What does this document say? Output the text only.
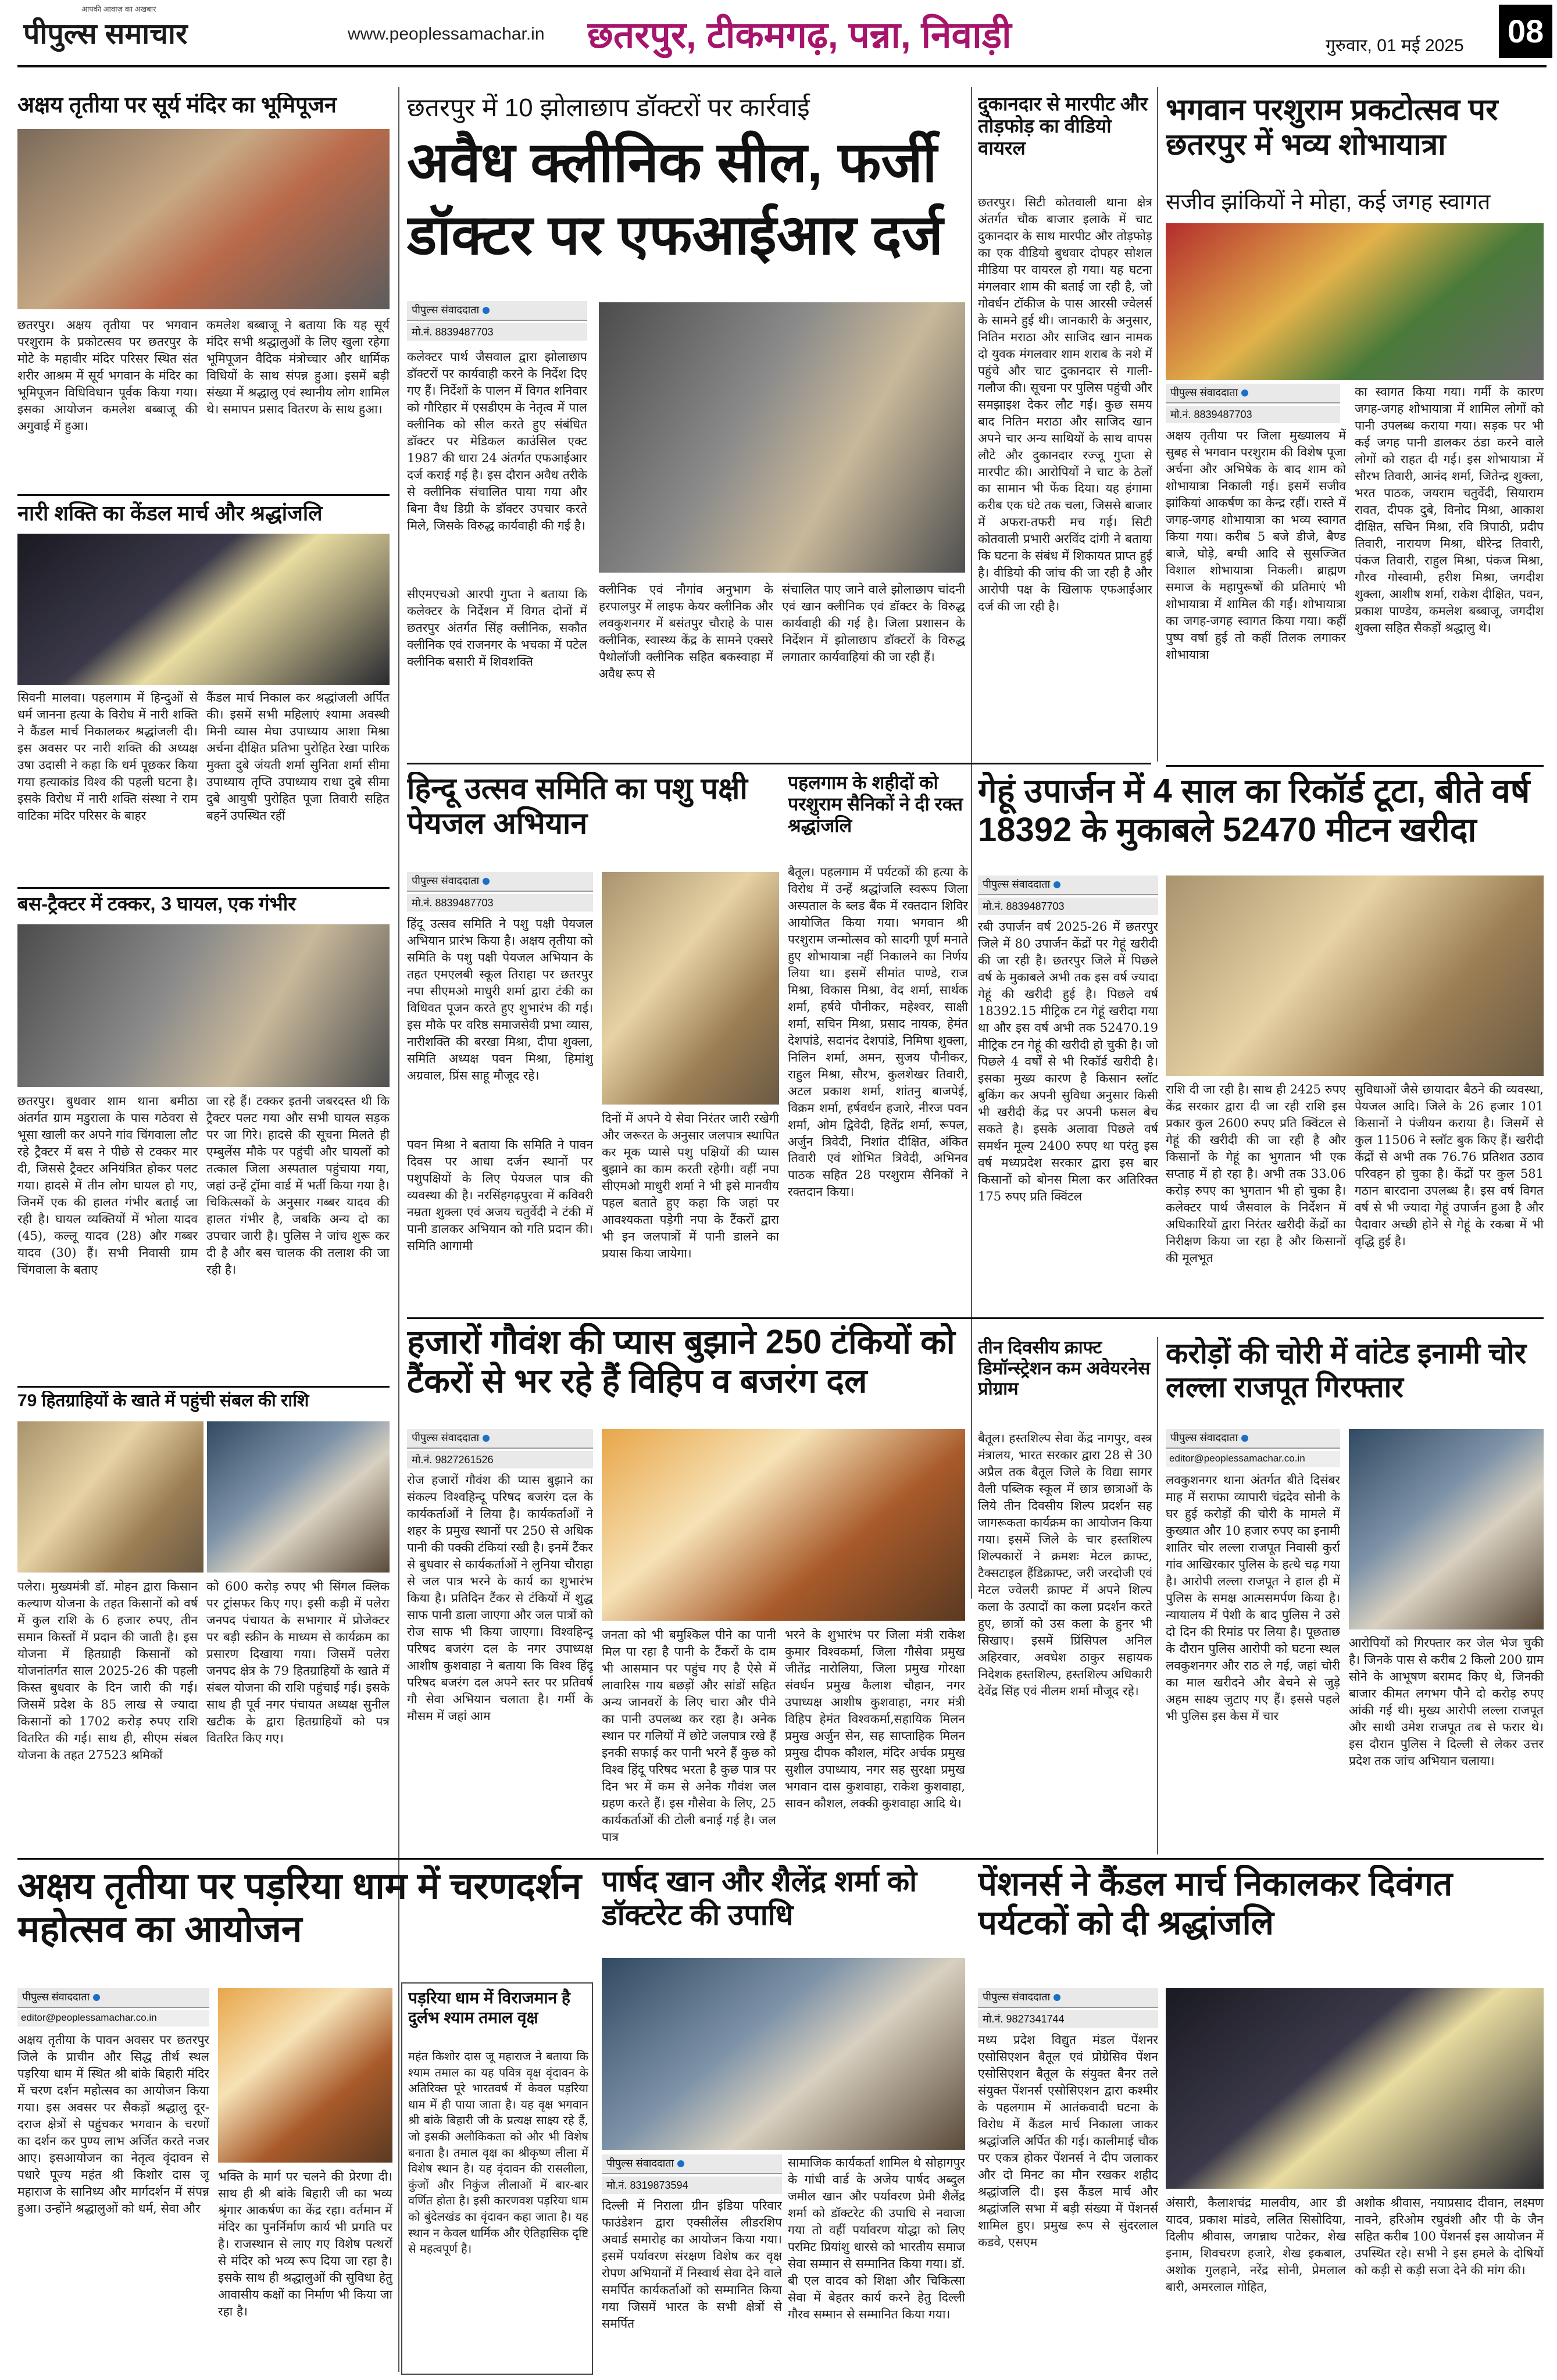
आपकी आवाज़ का अखबार
पीपुल्स समाचार	www.peoplessamachar.in	छतरपुर, टीकमगढ़, पन्ना, निवाड़ी	गुरुवार, 01 मई 2025	08
अक्षय तृतीया पर सूर्य मंदिर का भूमिपूजन
छतरपुर। अक्षय तृतीया पर भगवान परशुराम के प्रकोटत्सव पर छतरपुर के मोटे के महावीर मंदिर परिसर स्थित संत शरीर आश्रम में सूर्य भगवान के मंदिर का भूमिपूजन विधिविधान पूर्वक किया गया। इसका आयोजन कमलेश बब्बाजू की अगुवाई में हुआ।
कमलेश बब्बाजू ने बताया कि यह सूर्य मंदिर सभी श्रद्धालुओं के लिए खुला रहेगा भूमिपूजन वैदिक मंत्रोच्चार और धार्मिक विधियों के साथ संपन्न हुआ। इसमें बड़ी संख्या में श्रद्धालु एवं स्थानीय लोग शामिल थे। समापन प्रसाद वितरण के साथ हुआ।
नारी शक्ति का केंडल मार्च और श्रद्धांजलि
सिवनी मालवा। पहलगाम में हिन्दुओं से धर्म जानना हत्या के विरोध में नारी शक्ति ने कैंडल मार्च निकालकर श्रद्धांजली दी। इस अवसर पर नारी शक्ति की अध्यक्ष उषा उदासी ने कहा कि धर्म पूछकर किया गया हत्याकांड विश्व की पहली घटना है। इसके विरोध में नारी शक्ति संस्था ने राम वाटिका मंदिर परिसर के बाहर
कैंडल मार्च निकाल कर श्रद्धांजली अर्पित की। इसमें सभी महिलाएं श्यामा अवस्थी मिनी व्यास मेघा उपाध्याय आशा मिश्रा अर्चना दीक्षित प्रतिभा पुरोहित रेखा पारिक मुक्ता दुबे जंयती शर्मा सुनिता शर्मा सीमा उपाध्याय तृप्ति उपाध्याय राधा दुबे सीमा दुबे आयुषी पुरोहित पूजा तिवारी सहित बहनें उपस्थित रहीं
बस-ट्रैक्टर में टक्कर, 3 घायल, एक गंभीर
छतरपुर। बुधवार शाम थाना बमीठा अंतर्गत ग्राम मडुराला के पास गठेवरा से भूसा खाली कर अपने गांव चिंगवाला लौट रहे ट्रैक्टर में बस ने पीछे से टक्कर मार दी, जिससे ट्रैक्टर अनियंत्रित होकर पलट गया। हादसे में तीन लोग घायल हो गए, जिनमें एक की हालत गंभीर बताई जा रही है। घायल व्यक्तियों में भोला यादव (45), कल्लू यादव (28) और गब्बर यादव (30) हैं। सभी निवासी ग्राम चिंगवाला के बताए
जा रहे हैं। टक्कर इतनी जबरदस्त थी कि ट्रैक्टर पलट गया और सभी घायल सड़क पर जा गिरे। हादसे की सूचना मिलते ही एम्बुलेंस मौके पर पहुंची और घायलों को तत्काल जिला अस्पताल पहुंचाया गया, जहां उन्हें ट्रॉमा वार्ड में भर्ती किया गया है। चिकित्सकों के अनुसार गब्बर यादव की हालत गंभीर है, जबकि अन्य दो का उपचार जारी है। पुलिस ने जांच शुरू कर दी है और बस चालक की तलाश की जा रही है।
79 हितग्राहियों के खाते में पहुंची संबल की राशि
पलेरा। मुख्यमंत्री डॉ. मोहन द्वारा किसान कल्याण योजना के तहत किसानों को वर्ष में कुल राशि के 6 हजार रुपए, तीन समान किस्तों में प्रदान की जाती है। इस योजना में हितग्राही किसानों को योजनांतर्गत साल 2025-26 की पहली किस्त बुधवार के दिन जारी की गई। जिसमें प्रदेश के 85 लाख से ज्यादा किसानों को 1702 करोड़ रुपए राशि वितरित की गई। साथ ही, सीएम संबल योजना के तहत 27523 श्रमिकों
को 600 करोड़ रुपए भी सिंगल क्लिक पर ट्रांसफर किए गए। इसी कड़ी में पलेरा जनपद पंचायत के सभागार में प्रोजेक्टर पर बड़ी स्क्रीन के माध्यम से कार्यक्रम का प्रसारण दिखाया गया। जिसमें पलेरा जनपद क्षेत्र के 79 हितग्राहियों के खाते में संबल योजना की राशि पहुंचाई गई। इसके साथ ही पूर्व नगर पंचायत अध्यक्ष सुनील खटीक के द्वारा हितग्राहियों को पत्र वितरित किए गए।
छतरपुर में 10 झोलाछाप डॉक्टरों पर कार्रवाई
अवैध क्लीनिक सील, फर्जी डॉक्टर पर एफआईआर दर्ज
पीपुल्स संवाददाता
मो.नं. 8839487703
कलेक्टर पार्थ जैसवाल द्वारा झोलाछाप डॉक्टरों पर कार्यवाही करने के निर्देश दिए गए हैं। निर्देशों के पालन में विगत शनिवार को गौरिहार में एसडीएम के नेतृत्व में पाल क्लीनिक को सील करते हुए संबंधित डॉक्टर पर मेडिकल काउंसिल एक्ट 1987 की धारा 24 अंतर्गत एफआईआर दर्ज कराई गई है। इस दौरान अवैध तरीके से क्लीनिक संचालित पाया गया और बिना वैध डिग्री के डॉक्टर उपचार करते मिले, जिसके विरुद्ध कार्यवाही की गई है।
सीएमएचओ आरपी गुप्ता ने बताया कि कलेक्टर के निर्देशन में विगत दोनों में छतरपुर अंतर्गत सिंह क्लीनिक, सकौत क्लीनिक एवं राजनगर के भचका में पटेल क्लीनिक बसारी में शिवशक्ति
क्लीनिक एवं नौगांव अनुभाग के हरपालपुर में लाइफ केयर क्लीनिक और लवकुशनगर में बसंतपुर चौराहे के पास क्लीनिक, स्वास्थ्य केंद्र के सामने एक्सरे पैथोलॉजी क्लीनिक सहित बकस्वाहा में अवैध रूप से
संचालित पाए जाने वाले झोलाछाप चांदनी एवं खान क्लीनिक एवं डॉक्टर के विरुद्ध कार्यवाही की गई है। जिला प्रशासन के निर्देशन में झोलाछाप डॉक्टरों के विरुद्ध लगातार कार्यवाहियां की जा रही हैं।
दुकानदार से मारपीट और तोड़फोड़ का वीडियो वायरल
छतरपुर। सिटी कोतवाली थाना क्षेत्र अंतर्गत चौक बाजार इलाके में चाट दुकानदार के साथ मारपीट और तोड़फोड़ का एक वीडियो बुधवार दोपहर सोशल मीडिया पर वायरल हो गया। यह घटना मंगलवार शाम की बताई जा रही है, जो गोवर्धन टॉकीज के पास आरसी ज्वेलर्स के सामने हुई थी। जानकारी के अनुसार, नितिन मराठा और साजिद खान नामक दो युवक मंगलवार शाम शराब के नशे में पहुंचे और चाट दुकानदार से गाली-गलौज की। सूचना पर पुलिस पहुंची और समझाइश देकर लौट गई। कुछ समय बाद नितिन मराठा और साजिद खान अपने चार अन्य साथियों के साथ वापस लौटे और दुकानदार रज्जू गुप्ता से मारपीट की। आरोपियों ने चाट के ठेलों का सामान भी फेंक दिया। यह हंगामा करीब एक घंटे तक चला, जिससे बाजार में अफरा-तफरी मच गई। सिटी कोतवाली प्रभारी अरविंद दांगी ने बताया कि घटना के संबंध में शिकायत प्राप्त हुई है। वीडियो की जांच की जा रही है और आरोपी पक्ष के खिलाफ एफआईआर दर्ज की जा रही है।
भगवान परशुराम प्रकटोत्सव पर छतरपुर में भव्य शोभायात्रा
सजीव झांकियों ने मोहा, कई जगह स्वागत
पीपुल्स संवाददाता
मो.नं. 8839487703
अक्षय तृतीया पर जिला मुख्यालय में सुबह से भगवान परशुराम की विशेष पूजा अर्चना और अभिषेक के बाद शाम को शोभायात्रा निकाली गई। इसमें सजीव झांकियां आकर्षण का केन्द्र रहीं। रास्ते में जगह-जगह शोभायात्रा का भव्य स्वागत किया गया। करीब 5 बजे डीजे, बैण्ड बाजे, घोड़े, बग्घी आदि से सुसज्जित विशाल शोभायात्रा निकली। ब्राह्मण समाज के महापुरूषों की प्रतिमाएं भी शोभायात्रा में शामिल की गईं। शोभायात्रा का जगह-जगह स्वागत किया गया। कहीं पुष्प वर्षा हुई तो कहीं तिलक लगाकर शोभायात्रा
का स्वागत किया गया। गर्मी के कारण जगह-जगह शोभायात्रा में शामिल लोगों को पानी उपलब्ध कराया गया। सड़क पर भी कई जगह पानी डालकर ठंडा करने वाले लोगों को राहत दी गई। इस शोभायात्रा में सौरभ तिवारी, आनंद शर्मा, जितेन्द्र शुक्ला, भरत पाठक, जयराम चतुर्वेदी, सियाराम रावत, दीपक दुबे, विनोद मिश्रा, आकाश दीक्षित, सचिन मिश्रा, रवि त्रिपाठी, प्रदीप तिवारी, नारायण मिश्रा, धीरेन्द्र तिवारी, पंकज तिवारी, राहुल मिश्रा, पंकज मिश्रा, गौरव गोस्वामी, हरीश मिश्रा, जगदीश शुक्ला, आशीष शर्मा, राकेश दीक्षित, पवन, प्रकाश पाण्डेय, कमलेश बब्बाजू, जगदीश शुक्ला सहित सैकड़ों श्रद्धालु थे।
हिन्दू उत्सव समिति का पशु पक्षी पेयजल अभियान
पीपुल्स संवाददाता
मो.नं. 8839487703
हिंदू उत्सव समिति ने पशु पक्षी पेयजल अभियान प्रारंभ किया है। अक्षय तृतीया को समिति के पशु पक्षी पेयजल अभियान के तहत एमएलबी स्कूल तिराहा पर छतरपुर नपा सीएमओ माधुरी शर्मा द्वारा टंकी का विधिवत पूजन करते हुए शुभारंभ की गई। इस मौके पर वरिष्ठ समाजसेवी प्रभा व्यास, नारीशक्ति की बरखा मिश्रा, दीपा शुक्ला, समिति अध्यक्ष पवन मिश्रा, हिमांशु अग्रवाल, प्रिंस साहू मौजूद रहे।
पवन मिश्रा ने बताया कि समिति ने पावन दिवस पर आधा दर्जन स्थानों पर पशुपक्षियों के लिए पेयजल पात्र की व्यवस्था की है। नरसिंहगढ़पुरवा में कविवरी नम्रता शुक्ला एवं अजय चतुर्वेदी ने टंकी में पानी डालकर अभियान को गति प्रदान की। समिति आगामी
दिनों में अपने ये सेवा निरंतर जारी रखेगी और जरूरत के अनुसार जलपात्र स्थापित कर मूक प्यासे पशु पक्षियों की प्यास बुझाने का काम करती रहेगी। वहीं नपा सीएमओ माधुरी शर्मा ने भी इसे मानवीय पहल बताते हुए कहा कि जहां पर आवश्यकता पड़ेगी नपा के टैंकरों द्वारा भी इन जलपात्रों में पानी डालने का प्रयास किया जायेगा।
पहलगाम के शहीदों को परशुराम सैनिकों ने दी रक्त श्रद्धांजलि
बैतूल। पहलगाम में पर्यटकों की हत्या के विरोध में उन्हें श्रद्धांजलि स्वरूप जिला अस्पताल के ब्लड बैंक में रक्तदान शिविर आयोजित किया गया। भगवान श्री परशुराम जन्मोत्सव को सादगी पूर्ण मनाते हुए शोभायात्रा नहीं निकालने का निर्णय लिया था। इसमें सीमांत पाण्डे, राज मिश्रा, विकास मिश्रा, वेद शर्मा, सार्थक शर्मा, हर्षवे पौनीकर, महेश्वर, साक्षी शर्मा, सचिन मिश्रा, प्रसाद नायक, हेमंत देशपांडे, सदानंद देशपांडे, निमिषा शुक्ला, निलिन शर्मा, अमन, सुजय पौनीकर, राहुल मिश्रा, सौरभ, कुलशेखर तिवारी, अटल प्रकाश शर्मा, शांतनु बाजपेई, विक्रम शर्मा, हर्षवर्धन हजारे, नीरज पवन शर्मा, ओम द्विवेदी, हितेंद्र शर्मा, रूपल, अर्जुन त्रिवेदी, निशांत दीक्षित, अंकित तिवारी एवं शोभित त्रिवेदी, अभिनव पाठक सहित 28 परशुराम सैनिकों ने रक्तदान किया।
गेहूं उपार्जन में 4 साल का रिकॉर्ड टूटा, बीते वर्ष 18392 के मुकाबले 52470 मीटन खरीदा
पीपुल्स संवाददाता
मो.नं. 8839487703
रबी उपार्जन वर्ष 2025-26 में छतरपुर जिले में 80 उपार्जन केंद्रों पर गेहूं खरीदी की जा रही है। छतरपुर जिले में पिछले वर्ष के मुकाबले अभी तक इस वर्ष ज्यादा गेहूं की खरीदी हुई है। पिछले वर्ष 18392.15 मीट्रिक टन गेहूं खरीदा गया था और इस वर्ष अभी तक 52470.19 मीट्रिक टन गेहूं की खरीदी हो चुकी है। जो पिछले 4 वर्षों से भी रिकॉर्ड खरीदी है। इसका मुख्य कारण है किसान स्लॉट बुकिंग कर अपनी सुविधा अनुसार किसी भी खरीदी केंद्र पर अपनी फसल बेच सकते है। इसके अलावा पिछले वर्ष समर्थन मूल्य 2400 रुपए था परंतु इस वर्ष मध्यप्रदेश सरकार द्वारा इस बार किसानों को बोनस मिला कर अतिरिक्त 175 रुपए प्रति क्विंटल
राशि दी जा रही है। साथ ही 2425 रुपए केंद्र सरकार द्वारा दी जा रही राशि इस प्रकार कुल 2600 रुपए प्रति क्विंटल से गेहूं की खरीदी की जा रही है और किसानों के गेहूं का भुगतान भी एक सप्ताह में हो रहा है। अभी तक 33.06 करोड़ रुपए का भुगतान भी हो चुका है। कलेक्टर पार्थ जैसवाल के निर्देशन में अधिकारियों द्वारा निरंतर खरीदी केंद्रों का निरीक्षण किया जा रहा है और किसानों की मूलभूत
सुविधाओं जैसे छायादार बैठने की व्यवस्था, पेयजल आदि। जिले के 26 हजार 101 किसानों ने पंजीयन कराया है। जिसमें से कुल 11506 ने स्लॉट बुक किए हैं। खरीदी केंद्रों से अभी तक 76.76 प्रतिशत उठाव परिवहन हो चुका है। केंद्रों पर कुल 581 गठान बारदाना उपलब्ध है। इस वर्ष विगत वर्ष से भी ज्यादा गेहूं उपार्जन हुआ है और पैदावार अच्छी होने से गेहूं के रकबा में भी वृद्धि हुई है।
हजारों गौवंश की प्यास बुझाने 250 टंकियों को टैंकरों से भर रहे हैं विहिप व बजरंग दल
पीपुल्स संवाददाता
मो.नं. 9827261526
रोज हजारों गौवंश की प्यास बुझाने का संकल्प विश्वहिन्दू परिषद बजरंग दल के कार्यकर्ताओं ने लिया है। कार्यकर्ताओं ने शहर के प्रमुख स्थानों पर 250 से अधिक पानी की पक्की टंकियां रखी है। इनमें टैंकर से बुधवार से कार्यकर्ताओं ने लुनिया चौराहा से जल पात्र भरने के कार्य का शुभारंभ किया है। प्रतिदिन टैंकर से टंकियों में शुद्ध साफ पानी डाला जाएगा और जल पात्रों को रोज साफ भी किया जाएगा। विश्वहिन्दू परिषद बजरंग दल के नगर उपाध्यक्ष आशीष कुशवाहा ने बताया कि विश्व हिंदू परिषद बजरंग दल अपने स्तर पर प्रतिवर्ष गौ सेवा अभियान चलाता है। गर्मी के मौसम में जहां आम
जनता को भी बमुश्किल पीने का पानी मिल पा रहा है पानी के टैंकरों के दाम भी आसमान पर पहुंच गए है ऐसे में लावारिस गाय बछड़ों और सांडों सहित अन्य जानवरों के लिए चारा और पीने का पानी उपलब्ध कर रहा है। अनेक स्थान पर गलियों में छोटे जलपात्र रखे हैं इनकी सफाई कर पानी भरने हैं कुछ को विश्व हिंदू परिषद भरता है कुछ पात्र पर दिन भर में कम से अनेक गौवंश जल ग्रहण करते हैं। इस गौसेवा के लिए, 25 कार्यकर्ताओं की टोली बनाई गई है। जल पात्र
भरने के शुभारंभ पर जिला मंत्री राकेश कुमार विश्वकर्मा, जिला गौसेवा प्रमुख जीतेंद्र नारोलिया, जिला प्रमुख गोरक्षा संवर्धन प्रमुख कैलाश चौहान, नगर उपाध्यक्ष आशीष कुशवाहा, नगर मंत्री विहिप हेमंत विश्वकर्मा,सहायिक मिलन प्रमुख अर्जुन सेन, सह साप्ताहिक मिलन प्रमुख दीपक कौशल, मंदिर अर्चक प्रमुख सुशील उपाध्याय, नगर सह सुरक्षा प्रमुख भगवान दास कुशवाहा, राकेश कुशवाहा, सावन कौशल, लक्की कुशवाहा आदि थे।
तीन दिवसीय क्राफ्ट डिमॉन्स्ट्रेशन कम अवेयरनेस प्रोग्राम
बैतूल। हस्तशिल्प सेवा केंद्र नागपुर, वस्त्र मंत्रालय, भारत सरकार द्वारा 28 से 30 अप्रैल तक बैतूल जिले के विद्या सागर वैली पब्लिक स्कूल में छात्र छात्राओं के लिये तीन दिवसीय शिल्प प्रदर्शन सह जागरूकता कार्यक्रम का आयोजन किया गया। इसमें जिले के चार हस्तशिल्प शिल्पकारों ने क्रमशः मेटल क्राफ्ट, टैक्सटाइल हैंडिक्राफ्ट, जरी जरदोजी एवं मेटल ज्वेलरी क्राफ्ट में अपने शिल्प कला के उत्पादों का कला प्रदर्शन करते हुए, छात्रों को उस कला के हुनर भी सिखाए। इसमें प्रिंसिपल अनिल अहिरवार, अवधेश ठाकुर सहायक निदेशक हस्तशिल्प, हस्तशिल्प अधिकारी देवेंद्र सिंह एवं नीलम शर्मा मौजूद रहे।
करोड़ों की चोरी में वांटेड इनामी चोर लल्ला राजपूत गिरफ्तार
पीपुल्स संवाददाता
editor@peoplessamachar.co.in
लवकुशनगर थाना अंतर्गत बीते दिसंबर माह में सराफा व्यापारी चंद्रदेव सोनी के घर हुई करोड़ों की चोरी के मामले में कुख्यात और 10 हजार रुपए का इनामी शातिर चोर लल्ला राजपूत निवासी कुर्रा गांव आखिरकार पुलिस के हत्थे चढ़ गया है। आरोपी लल्ला राजपूत ने हाल ही में पुलिस के समक्ष आत्मसमर्पण किया है। न्यायालय में पेशी के बाद पुलिस ने उसे दो दिन की रिमांड पर लिया है। पूछताछ के दौरान पुलिस आरोपी को घटना स्थल लवकुशनगर और राठ ले गई, जहां चोरी का माल खरीदने और बेचने से जुड़े अहम साक्ष्य जुटाए गए हैं। इससे पहले भी पुलिस इस केस में चार
आरोपियों को गिरफ्तार कर जेल भेज चुकी है। जिनके पास से करीब 2 किलो 200 ग्राम सोने के आभूषण बरामद किए थे, जिनकी बाजार कीमत लगभग पौने दो करोड़ रुपए आंकी गई थी। मुख्य आरोपी लल्ला राजपूत और साथी उमेश राजपूत तब से फरार थे। इस दौरान पुलिस ने दिल्ली से लेकर उत्तर प्रदेश तक जांच अभियान चलाया।
अक्षय तृतीया पर पड़रिया धाम में चरणदर्शन महोत्सव का आयोजन
पीपुल्स संवाददाता
editor@peoplessamachar.co.in
अक्षय तृतीया के पावन अवसर पर छतरपुर जिले के प्राचीन और सिद्ध तीर्थ स्थल पड़रिया धाम में स्थित श्री बांके बिहारी मंदिर में चरण दर्शन महोत्सव का आयोजन किया गया। इस अवसर पर सैकड़ों श्रद्धालु दूर-दराज क्षेत्रों से पहुंचकर भगवान के चरणों का दर्शन कर पुण्य लाभ अर्जित करते नजर आए। इसआयोजन का नेतृत्व वृंदावन से पधारे पूज्य महंत श्री किशोर दास जू महाराज के सानिध्य और मार्गदर्शन में संपन्न हुआ। उन्होंने श्रद्धालुओं को धर्म, सेवा और
भक्ति के मार्ग पर चलने की प्रेरणा दी। साथ ही श्री बांके बिहारी जी का भव्य श्रृंगार आकर्षण का केंद्र रहा। वर्तमान में मंदिर का पुनर्निर्माण कार्य भी प्रगति पर है। राजस्थान से लाए गए विशेष पत्थरों से मंदिर को भव्य रूप दिया जा रहा है। इसके साथ ही श्रद्धालुओं की सुविधा हेतु आवासीय कक्षों का निर्माण भी किया जा रहा है।
पड़रिया धाम में विराजमान है दुर्लभ श्याम तमाल वृक्ष
महंत किशोर दास जू महाराज ने बताया कि श्याम तमाल का यह पवित्र वृक्ष वृंदावन के अतिरिक्त पूरे भारतवर्ष में केवल पड़रिया धाम में ही पाया जाता है। यह वृक्ष भगवान श्री बांके बिहारी जी के प्रत्यक्ष साक्ष्य रहे हैं, जो इसकी अलौकिकता को और भी विशेष बनाता है। तमाल वृक्ष का श्रीकृष्ण लीला में विशेष स्थान है। यह वृंदावन की रासलीला, कुंजों और निकुंज लीलाओं में बार-बार वर्णित होता है। इसी कारणवश पड़रिया धाम को बुंदेलखंड का वृंदावन कहा जाता है। यह स्थान न केवल धार्मिक और ऐतिहासिक दृष्टि से महत्वपूर्ण है।
पार्षद खान और शैलेंद्र शर्मा को डॉक्टरेट की उपाधि
पीपुल्स संवाददाता
मो.नं. 8319873594
दिल्ली में निराला ग्रीन इंडिया परिवार फाउंडेशन द्वारा एक्सीलेंस लीडरशिप अवार्ड समारोह का आयोजन किया गया। इसमें पर्यावरण संरक्षण विशेष कर वृक्ष रोपण अभियानों में निस्वार्थ सेवा देने वाले समर्पित कार्यकर्ताओं को सम्मानित किया गया जिसमें भारत के सभी क्षेत्रों से समर्पित
सामाजिक कार्यकर्ता शामिल थे सोहागपुर के गांधी वार्ड के अजेय पार्षद अब्दुल जमील खान और पर्यावरण प्रेमी शैलेंद्र शर्मा को डॉक्टरेट की उपाधि से नवाजा गया तो वहीं पर्यावरण योद्धा को लिए परमिट प्रियांशु धारसे को भारतीय समाज सेवा सम्मान से सम्मानित किया गया। डॉ. बी एल वादव को शिक्षा और चिकित्सा सेवा में बेहतर कार्य करने हेतु दिल्ली गौरव सम्मान से सम्मानित किया गया।
पेंशनर्स ने कैंडल मार्च निकालकर दिवंगत पर्यटकों को दी श्रद्धांजलि
पीपुल्स संवाददाता
मो.नं. 9827341744
मध्य प्रदेश विद्युत मंडल पेंशनर एसोसिएशन बैतूल एवं प्रोग्रेसिव पेंशन एसोसिएशन बैतूल के संयुक्त बैनर तले संयुक्त पेंशनर्स एसोसिएशन द्वारा कश्मीर के पहलगाम में आतंकवादी घटना के विरोध में कैंडल मार्च निकाला जाकर श्रद्धांजलि अर्पित की गई। कालीमाई चौक पर एकत्र होकर पेंशनर्स ने दीप जलाकर और दो मिनट का मौन रखकर शहीद श्रद्धांजलि दी। इस कैंडल मार्च और श्रद्धांजलि सभा में बड़ी संख्या में पेंशनर्स शामिल हुए। प्रमुख रूप से सुंदरलाल कडवे, एसएम
अंसारी, कैलाशचंद्र मालवीय, आर डी यादव, प्रकाश मांडवे, ललित सिसोदिया, दिलीप श्रीवास, जगन्नाथ पाटेकर, शेख इनाम, शिवचरण हजारे, शेख इकबाल, अशोक गुलहाने, नरेंद्र सोनी, प्रेमलाल बारी, अमरलाल गोहित,
अशोक श्रीवास, नयाप्रसाद दीवान, लक्ष्मण नावने, हरिओम रघुवंशी और पी के जैन सहित करीब 100 पेंशनर्स इस आयोजन में उपस्थित रहे। सभी ने इस हमले के दोषियों को कड़ी से कड़ी सजा देने की मांग की।
